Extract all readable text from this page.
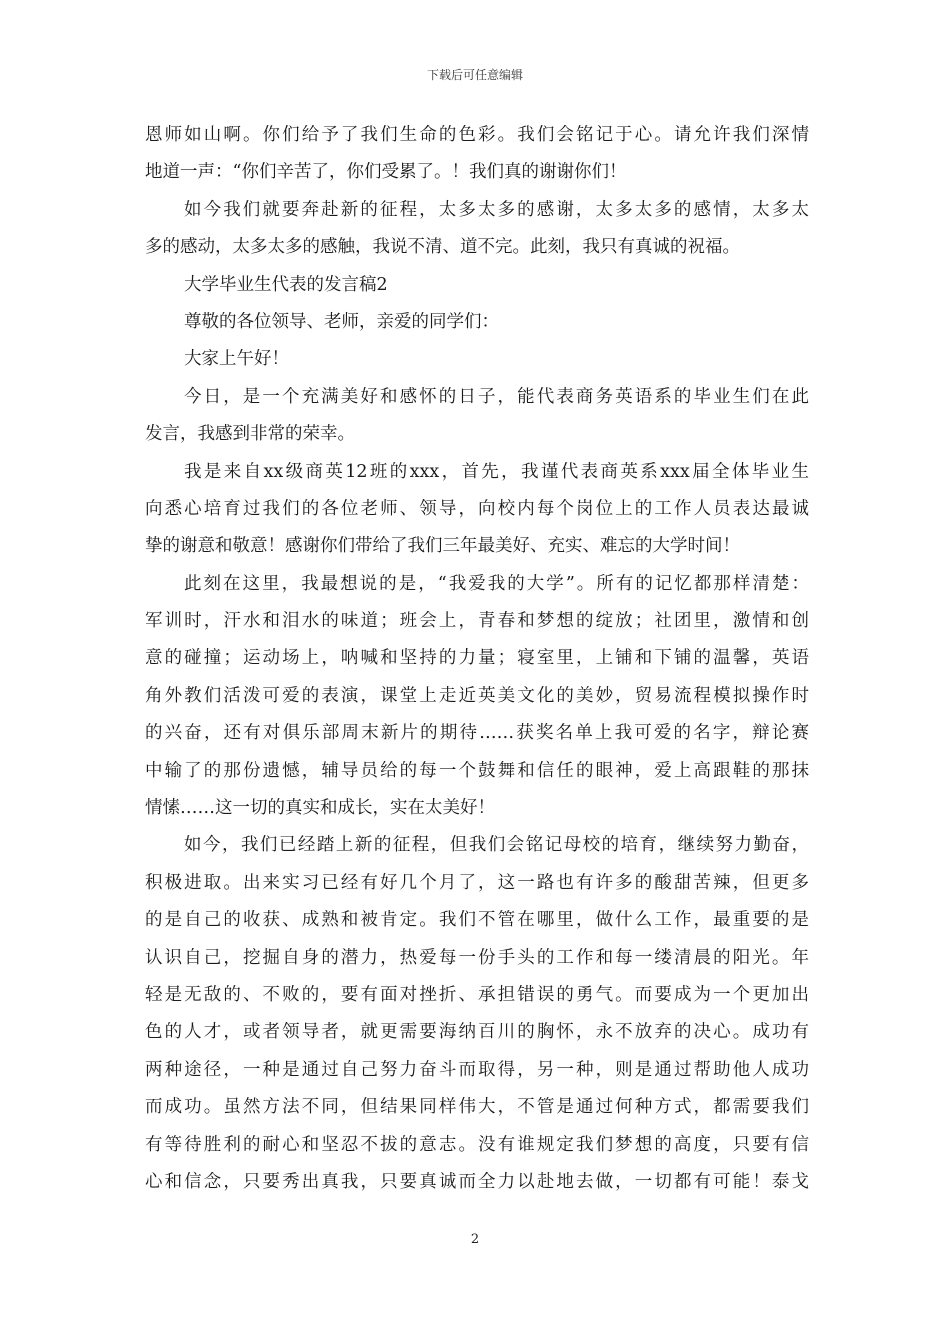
下载后可任意编辑
恩师如山啊。你们给予了我们生命的色彩。我们会铭记于心。请允许我们深情
地道一声：“你们辛苦了，你们受累了。！我们真的谢谢你们！
如今我们就要奔赴新的征程，太多太多的感谢，太多太多的感情，太多太
多的感动，太多太多的感触，我说不清、道不完。此刻，我只有真诚的祝福。
大学毕业生代表的发言稿2
尊敬的各位领导、老师，亲爱的同学们：
大家上午好！
今日，是一个充满美好和感怀的日子，能代表商务英语系的毕业生们在此
发言，我感到非常的荣幸。
我是来自xx级商英12班的xxx，首先，我谨代表商英系xxx届全体毕业生
向悉心培育过我们的各位老师、领导，向校内每个岗位上的工作人员表达最诚
挚的谢意和敬意！感谢你们带给了我们三年最美好、充实、难忘的大学时间！
此刻在这里，我最想说的是，“我爱我的大学”。所有的记忆都那样清楚：
军训时，汗水和泪水的味道；班会上，青春和梦想的绽放；社团里，激情和创
意的碰撞；运动场上，呐喊和坚持的力量；寝室里，上铺和下铺的温馨，英语
角外教们活泼可爱的表演，课堂上走近英美文化的美妙，贸易流程模拟操作时
的兴奋，还有对俱乐部周末新片的期待……获奖名单上我可爱的名字，辩论赛
中输了的那份遗憾，辅导员给的每一个鼓舞和信任的眼神，爱上高跟鞋的那抹
情愫……这一切的真实和成长，实在太美好！
如今，我们已经踏上新的征程，但我们会铭记母校的培育，继续努力勤奋，
积极进取。出来实习已经有好几个月了，这一路也有许多的酸甜苦辣，但更多
的是自己的收获、成熟和被肯定。我们不管在哪里，做什么工作，最重要的是
认识自己，挖掘自身的潜力，热爱每一份手头的工作和每一缕清晨的阳光。年
轻是无敌的、不败的，要有面对挫折、承担错误的勇气。而要成为一个更加出
色的人才，或者领导者，就更需要海纳百川的胸怀，永不放弃的决心。成功有
两种途径，一种是通过自己努力奋斗而取得，另一种，则是通过帮助他人成功
而成功。虽然方法不同，但结果同样伟大，不管是通过何种方式，都需要我们
有等待胜利的耐心和坚忍不拔的意志。没有谁规定我们梦想的高度，只要有信
心和信念，只要秀出真我，只要真诚而全力以赴地去做，一切都有可能！泰戈
2
